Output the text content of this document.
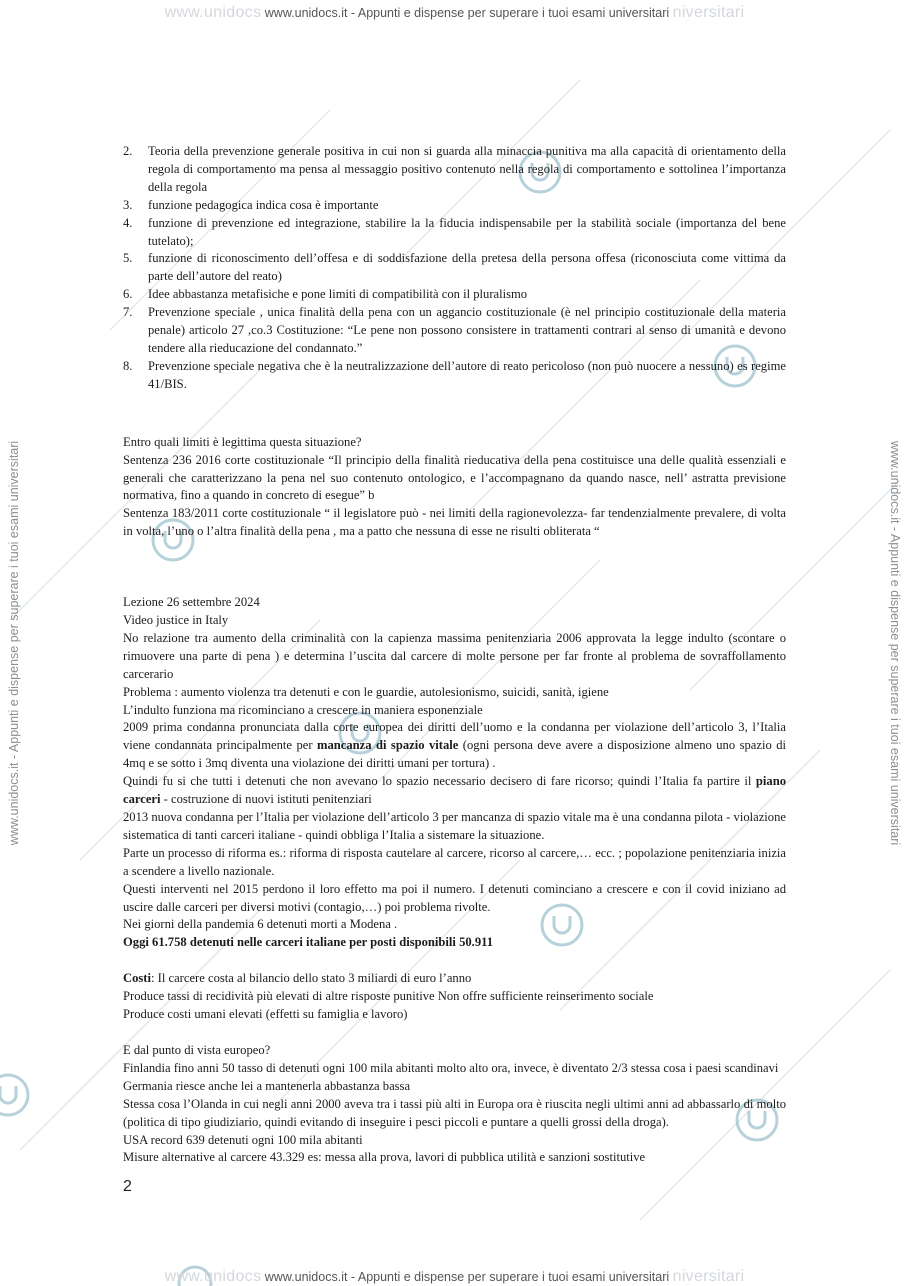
www.unidocs www.unidocs.it - Appunti e dispense per superare i tuoi esami universitari niversitari
www.unidocs www.unidocs.it - Appunti e dispense per superare i tuoi esami universitari niversitari
www.unidocs.it - Appunti e dispense per superare i tuoi esami universitari	www.unidocs.it - Appunti e dispense per superare i tuoi esami universitari
2. Teoria della prevenzione generale positiva in cui non si guarda alla minaccia punitiva ma alla capacità di orientamento della regola di comportamento ma pensa al messaggio positivo contenuto nella regola di comportamento e sottolinea l’importanza della regola
3. funzione pedagogica indica cosa è importante
4. funzione di prevenzione ed integrazione, stabilire la la fiducia indispensabile per la stabilità sociale (importanza del bene tutelato);
5. funzione di riconoscimento dell’offesa e di soddisfazione della pretesa della persona offesa (riconosciuta come vittima da parte dell’autore del reato)
6. Idee abbastanza metafisiche e pone limiti di compatibilità con il pluralismo
7. Prevenzione speciale , unica finalità della pena con un aggancio costituzionale (è nel principio costituzionale della materia penale) articolo 27 ,co.3 Costituzione: “Le pene non possono consistere in trattamenti contrari al senso di umanità e devono tendere alla rieducazione del condannato.”
8. Prevenzione speciale negativa che è la neutralizzazione dell’autore di reato pericoloso (non può nuocere a nessuno) es regime 41/BIS.

Entro quali limiti è legittima questa situazione?

Sentenza 236 2016 corte costituzionale “Il principio della finalità rieducativa della pena costituisce una delle qualità essenziali e generali che caratterizzano la pena nel suo contenuto ontologico, e l’accompagnano da quando nasce, nell’ astratta previsione normativa, fino a quando in concreto di esegue” b

Sentenza 183/2011 corte costituzionale “ il legislatore può - nei limiti della ragionevolezza- far tendenzialmente prevalere, di volta in volta, l’uno o l’altra finalità della pena , ma a patto che nessuna di esse ne risulti obliterata “

Lezione 26 settembre 2024

Video justice in Italy

No relazione tra aumento della criminalità con la capienza massima penitenziaria 2006 approvata la legge indulto (scontare o rimuovere una parte di pena ) e determina l’uscita dal carcere di molte persone per far fronte al problema de sovraffollamento carcerario

Problema : aumento violenza tra detenuti e con le guardie, autolesionismo, suicidi, sanità, igiene

L’indulto funziona ma ricominciano a crescere in maniera esponenziale

2009 prima condanna pronunciata dalla corte europea dei diritti dell’uomo e la condanna per violazione dell’articolo 3, l’Italia viene condannata principalmente per mancanza di spazio vitale (ogni persona deve avere a disposizione almeno uno spazio di 4mq e se sotto i 3mq diventa una violazione dei diritti umani per tortura) .

Quindi fu si che tutti i detenuti che non avevano lo spazio necessario decisero di fare ricorso; quindi l’Italia fa partire il piano carceri - costruzione di nuovi istituti penitenziari

2013 nuova condanna per l’Italia per violazione dell’articolo 3 per mancanza di spazio vitale ma è una condanna pilota - violazione sistematica di tanti carceri italiane - quindi obbliga l’Italia a sistemare la situazione.

Parte un processo di riforma es.: riforma di risposta cautelare al carcere, ricorso al carcere,… ecc. ; popolazione penitenziaria inizia a scendere a livello nazionale.

Questi interventi nel 2015 perdono il loro effetto ma poi il numero. I detenuti cominciano a crescere e con il covid iniziano ad uscire dalle carceri per diversi motivi (contagio,…) poi problema rivolte.

Nei giorni della pandemia 6 detenuti morti a Modena .

Oggi 61.758 detenuti nelle carceri italiane per posti disponibili 50.911

Costi: Il carcere costa al bilancio dello stato 3 miliardi di euro l’anno

Produce tassi di recidività più elevati di altre risposte punitive Non offre sufficiente reinserimento sociale

Produce costi umani elevati (effetti su famiglia e lavoro)

E dal punto di vista europeo?

Finlandia fino anni 50 tasso di detenuti ogni 100 mila abitanti molto alto ora, invece, è diventato 2/3 stessa cosa i paesi scandinavi

Germania riesce anche lei a mantenerla abbastanza bassa

Stessa cosa l’Olanda in cui negli anni 2000 aveva tra i tassi più alti in Europa ora è riuscita negli ultimi anni ad abbassarlo di molto (politica di tipo giudiziario, quindi evitando di inseguire i pesci piccoli e puntare a quelli grossi della droga).

USA record 639 detenuti ogni 100 mila abitanti

Misure alternative al carcere 43.329 es: messa alla prova, lavori di pubblica utilità e sanzioni sostitutive

2
